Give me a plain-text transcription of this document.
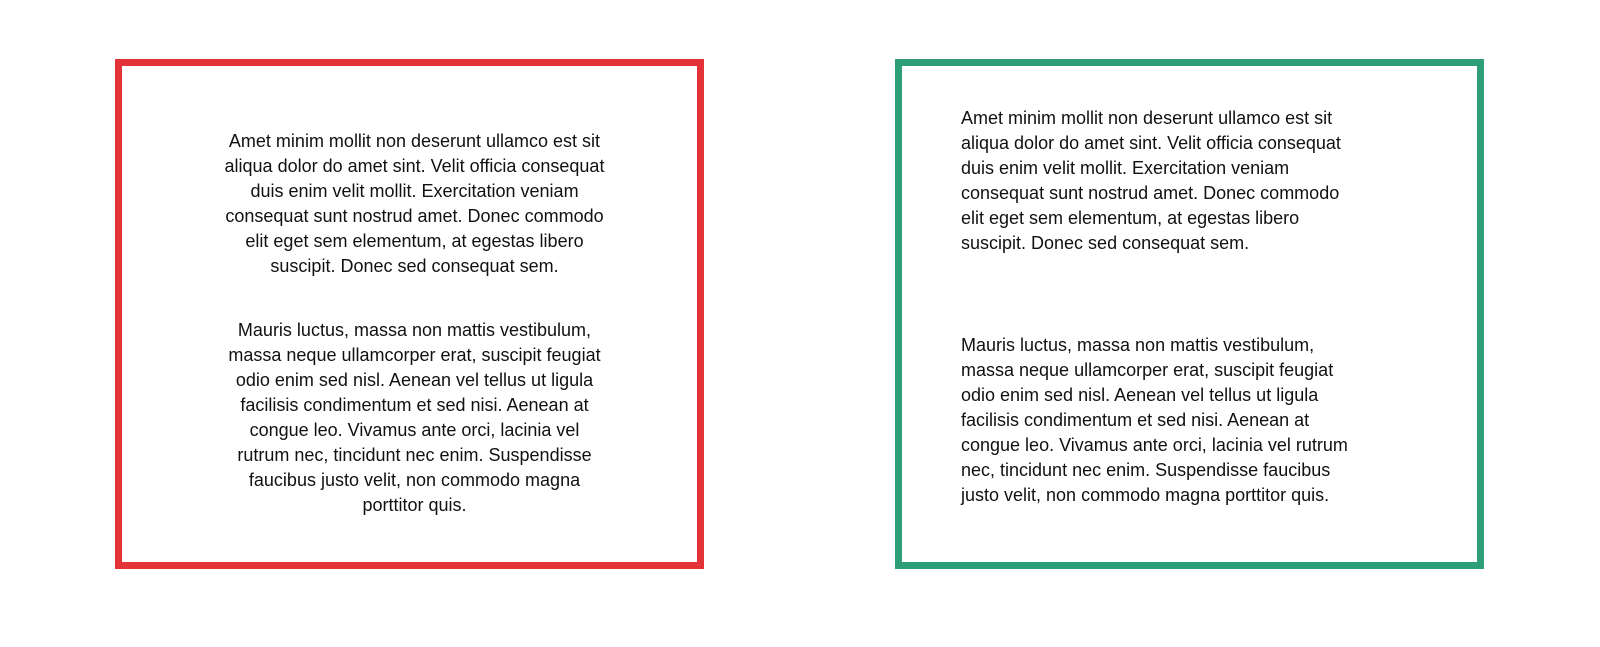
Amet minim mollit non deserunt ullamco est sit aliqua dolor do amet sint. Velit officia consequat duis enim velit mollit. Exercitation veniam consequat sunt nostrud amet. Donec commodo elit eget sem elementum, at egestas libero suscipit. Donec sed consequat sem.

Mauris luctus, massa non mattis vestibulum, massa neque ullamcorper erat, suscipit feugiat odio enim sed nisl. Aenean vel tellus ut ligula facilisis condimentum et sed nisi. Aenean at congue leo. Vivamus ante orci, lacinia vel rutrum nec, tincidunt nec enim. Suspendisse faucibus justo velit, non commodo magna porttitor quis.

Amet minim mollit non deserunt ullamco est sit aliqua dolor do amet sint. Velit officia consequat duis enim velit mollit. Exercitation veniam consequat sunt nostrud amet. Donec commodo elit eget sem elementum, at egestas libero suscipit. Donec sed consequat sem.

Mauris luctus, massa non mattis vestibulum, massa neque ullamcorper erat, suscipit feugiat odio enim sed nisl. Aenean vel tellus ut ligula facilisis condimentum et sed nisi. Aenean at congue leo. Vivamus ante orci, lacinia vel rutrum nec, tincidunt nec enim. Suspendisse faucibus justo velit, non commodo magna porttitor quis.
